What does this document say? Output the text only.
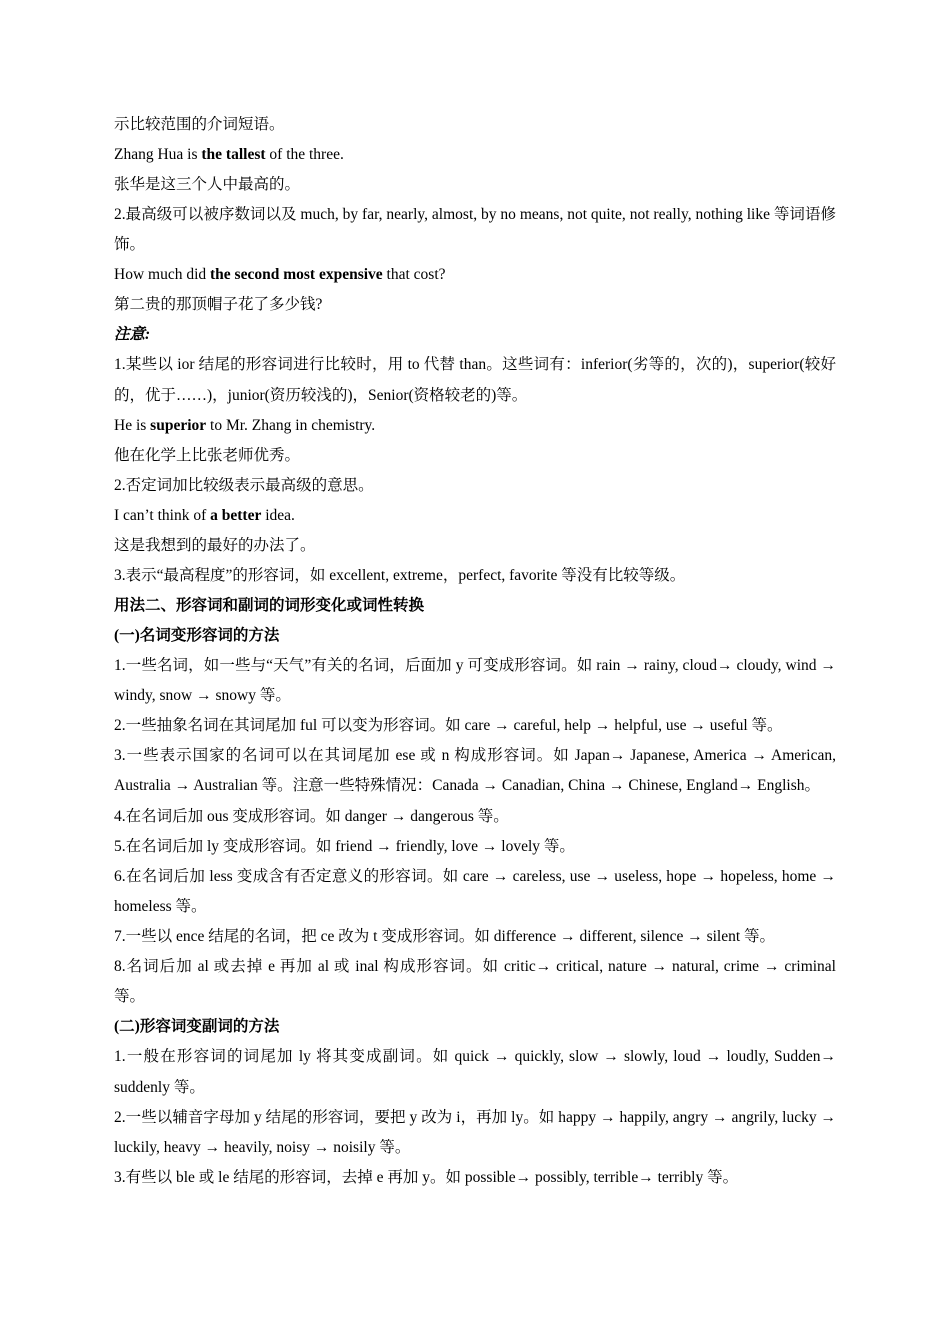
示比较范围的介词短语。
Zhang Hua is the tallest of the three.
张华是这三个人中最高的。
2.最高级可以被序数词以及 much, by far, nearly, almost, by no means, not quite, not really, nothing like 等词语修饰。
How much did the second most expensive that cost?
第二贵的那顶帽子花了多少钱?
注意:
1.某些以 ior 结尾的形容词进行比较时，用 to 代替 than。这些词有：inferior(劣等的，次的)，superior(较好的，优于……)，junior(资历较浅的)，Senior(资格较老的)等。
He is superior to Mr. Zhang in chemistry.
他在化学上比张老师优秀。
2.否定词加比较级表示最高级的意思。
I can’t think of a better idea.
这是我想到的最好的办法了。
3.表示“最高程度”的形容词，如 excellent, extreme，perfect, favorite 等没有比较等级。
用法二、形容词和副词的词形变化或词性转换
(一)名词变形容词的方法
1.一些名词，如一些与“天气”有关的名词，后面加 y 可变成形容词。如 rain → rainy, cloud→ cloudy, wind → windy, snow → snowy 等。
2.一些抽象名词在其词尾加 ful 可以变为形容词。如 care → careful, help → helpful, use → useful 等。
3.一些表示国家的名词可以在其词尾加 ese 或 n 构成形容词。如 Japan→ Japanese, America → American, Australia → Australian 等。注意一些特殊情况：Canada → Canadian, China → Chinese, England→ English。
4.在名词后加 ous 变成形容词。如 danger → dangerous 等。
5.在名词后加 ly 变成形容词。如 friend → friendly, love → lovely 等。
6.在名词后加 less 变成含有否定意义的形容词。如 care → careless, use → useless, hope → hopeless, home → homeless 等。
7.一些以 ence 结尾的名词，把 ce 改为 t 变成形容词。如 difference → different, silence → silent 等。
8.名词后加 al 或去掉 e 再加 al 或 inal 构成形容词。如 critic→ critical, nature → natural, crime → criminal 等。
(二)形容词变副词的方法
1.一般在形容词的词尾加 ly 将其变成副词。如 quick → quickly, slow → slowly, loud → loudly, Sudden→ suddenly 等。
2.一些以辅音字母加 y 结尾的形容词，要把 y 改为 i，再加 ly。如 happy → happily, angry → angrily, lucky → luckily, heavy → heavily, noisy → noisily 等。
3.有些以 ble 或 le 结尾的形容词，去掉 e 再加 y。如 possible→ possibly, terrible→ terribly 等。
